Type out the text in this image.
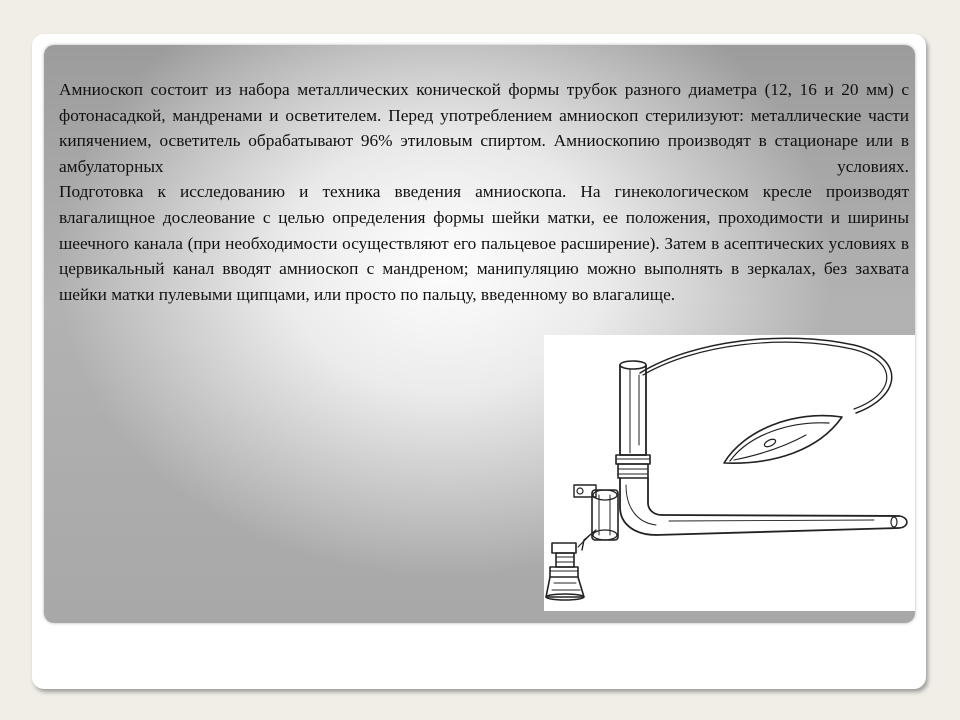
Амниоскоп состоит из набора металлических конической формы трубок разного диаметра (12, 16 и 20 мм) с фотонасадкой, мандренами и осветителем. Перед употреблением амниоскоп стерилизуют: металлические части кипячением, осветитель обрабатывают 96% этиловым спиртом. Амниоскопию производят в стационаре или в амбулаторных условиях.

Подготовка к исследованию и техника введения амниоскопа. На гинекологическом кресле производят влагалищное дослеование с целью определения формы шейки матки, ее положения, проходимости и ширины шеечного канала (при необходимости осуществляют его пальцевое расширение). Затем в асептических условиях в цервикальный канал вводят амниоскоп с мандреном; манипуляцию можно выполнять в зеркалах, без захвата шейки матки пулевыми щипцами, или просто по пальцу, введенному во влагалище.
